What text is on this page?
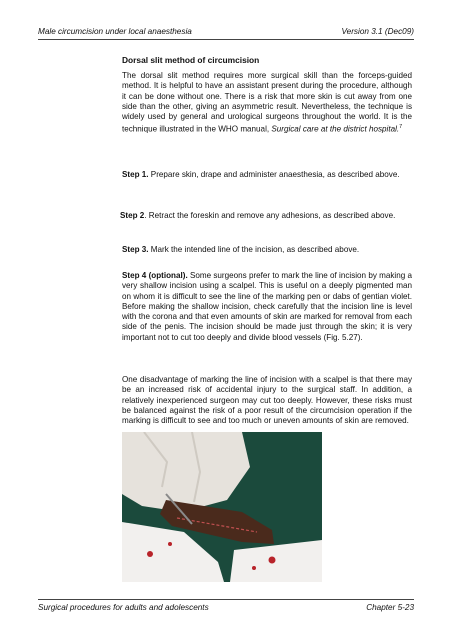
Male circumcision under local anaesthesia	Version 3.1 (Dec09)
Dorsal slit method of circumcision
The dorsal slit method requires more surgical skill than the forceps-guided method. It is helpful to have an assistant present during the procedure, although it can be done without one. There is a risk that more skin is cut away from one side than the other, giving an asymmetric result. Nevertheless, the technique is widely used by general and urological surgeons throughout the world. It is the technique illustrated in the WHO manual, Surgical care at the district hospital.$^7$
Step 1. Prepare skin, drape and administer anaesthesia, as described above.
Step 2. Retract the foreskin and remove any adhesions, as described above.
Step 3. Mark the intended line of the incision, as described above.
Step 4 (optional). Some surgeons prefer to mark the line of incision by making a very shallow incision using a scalpel. This is useful on a deeply pigmented man on whom it is difficult to see the line of the marking pen or dabs of gentian violet. Before making the shallow incision, check carefully that the incision line is level with the corona and that even amounts of skin are marked for removal from each side of the penis. The incision should be made just through the skin; it is very important not to cut too deeply and divide blood vessels (Fig. 5.27).
One disadvantage of marking the line of incision with a scalpel is that there may be an increased risk of accidental injury to the surgical staff. In addition, a relatively inexperienced surgeon may cut too deeply. However, these risks must be balanced against the risk of a poor result of the circumcision operation if the marking is difficult to see and too much or uneven amounts of skin are removed.
Surgical procedures for adults and adolescents	Chapter 5-23
